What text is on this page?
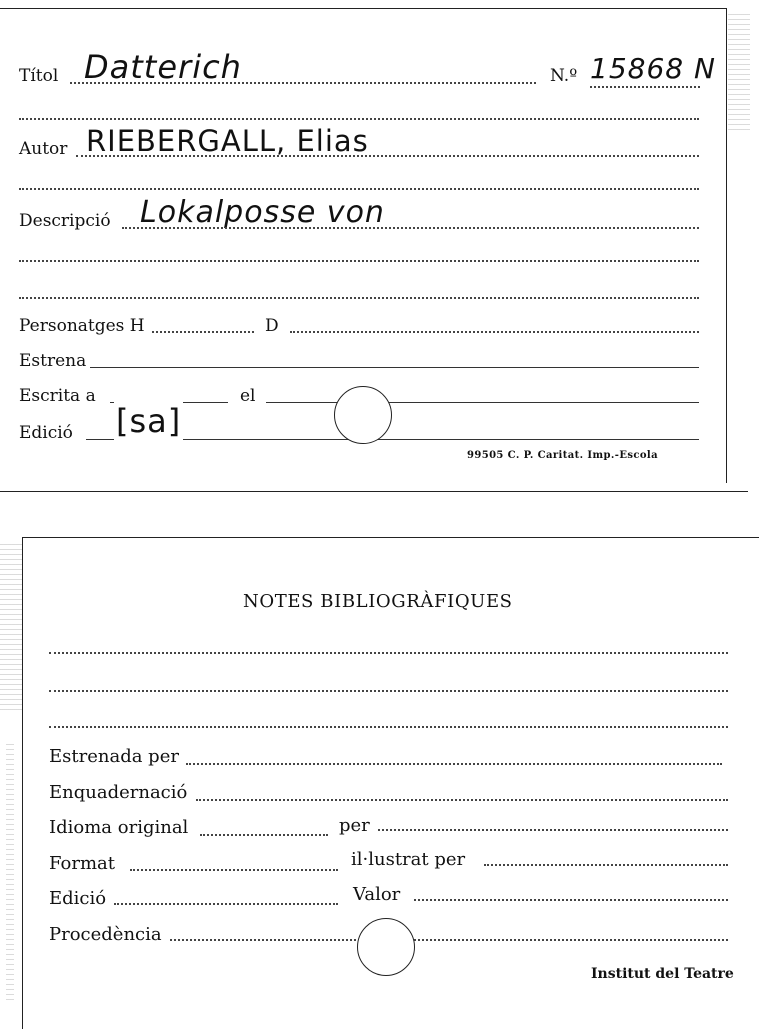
Títol Datterich	N.º 15868 N
Autor RIEBERGALL, Elias
Descripció Lokalposse von
Personatges H	D
Estrena
Escrita a	el
Edició [sa]
99505 C. P. Caritat. Imp.-Escola
NOTES BIBLIOGRÀFIQUES
Estrenada per
Enquadernació
Idioma original	per
Format	il·lustrat per
Edició	Valor
Procedència
Institut del Teatre
